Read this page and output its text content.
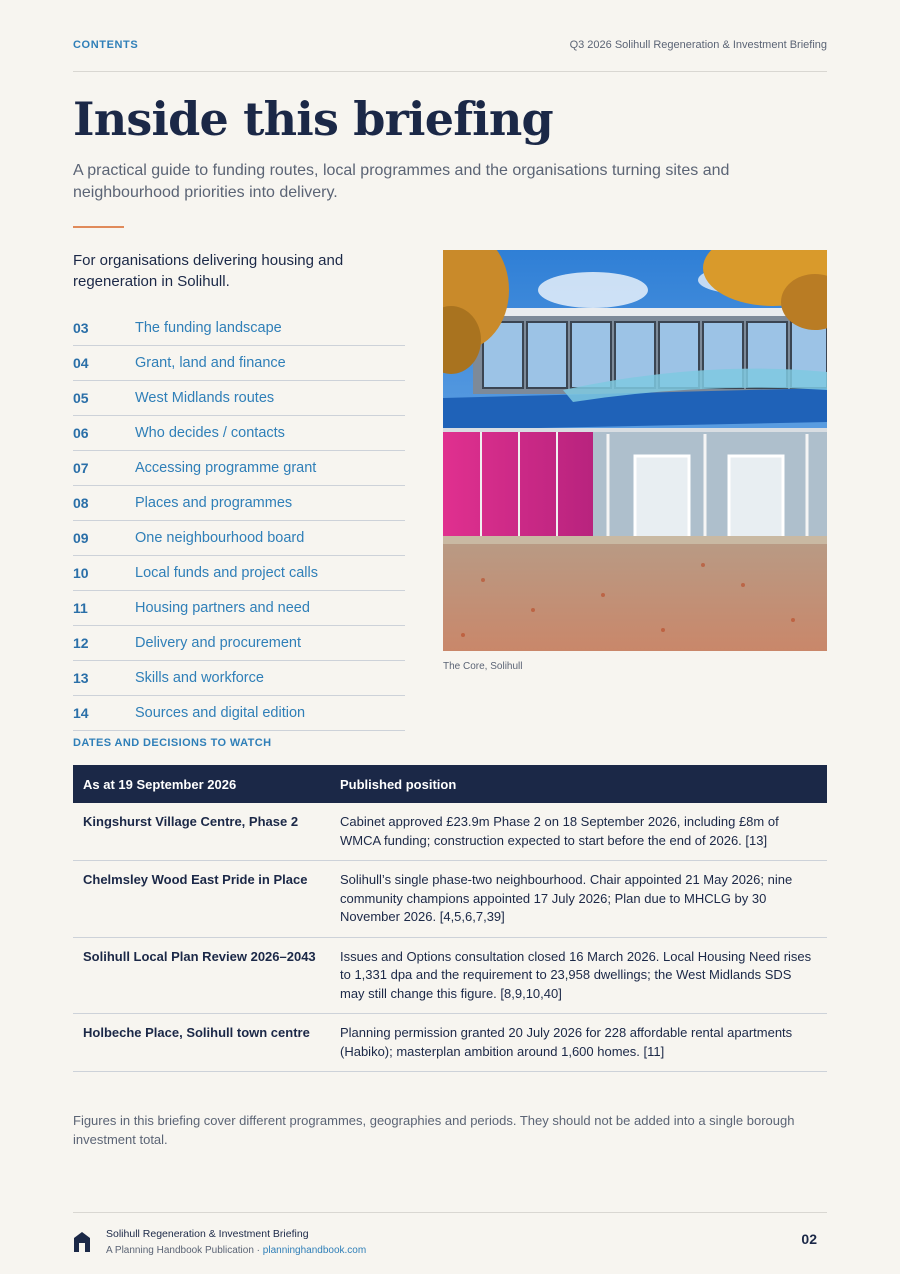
CONTENTS	Q3 2026 Solihull Regeneration & Investment Briefing
Inside this briefing
A practical guide to funding routes, local programmes and the organisations turning sites and neighbourhood priorities into delivery.
For organisations delivering housing and regeneration in Solihull.
03	The funding landscape
04	Grant, land and finance
05	West Midlands routes
06	Who decides / contacts
07	Accessing programme grant
08	Places and programmes
09	One neighbourhood board
10	Local funds and project calls
11	Housing partners and need
12	Delivery and procurement
13	Skills and workforce
14	Sources and digital edition
The Core, Solihull
DATES AND DECISIONS TO WATCH
As at 19 September 2026	Published position
Kingshurst Village Centre, Phase 2	Cabinet approved £23.9m Phase 2 on 18 September 2026, including £8m of WMCA funding; construction expected to start before the end of 2026. [13]
Chelmsley Wood East Pride in Place	Solihull’s single phase-two neighbourhood. Chair appointed 21 May 2026; nine community champions appointed 17 July 2026; Plan due to MHCLG by 30 November 2026. [4,5,6,7,39]
Solihull Local Plan Review 2026–2043	Issues and Options consultation closed 16 March 2026. Local Housing Need rises to 1,331 dpa and the requirement to 23,958 dwellings; the West Midlands SDS may still change this figure. [8,9,10,40]
Holbeche Place, Solihull town centre	Planning permission granted 20 July 2026 for 228 affordable rental apartments (Habiko); masterplan ambition around 1,600 homes. [11]
Figures in this briefing cover different programmes, geographies and periods. They should not be added into a single borough investment total.
Solihull Regeneration & Investment Briefing
A Planning Handbook Publication · planninghandbook.com
02
